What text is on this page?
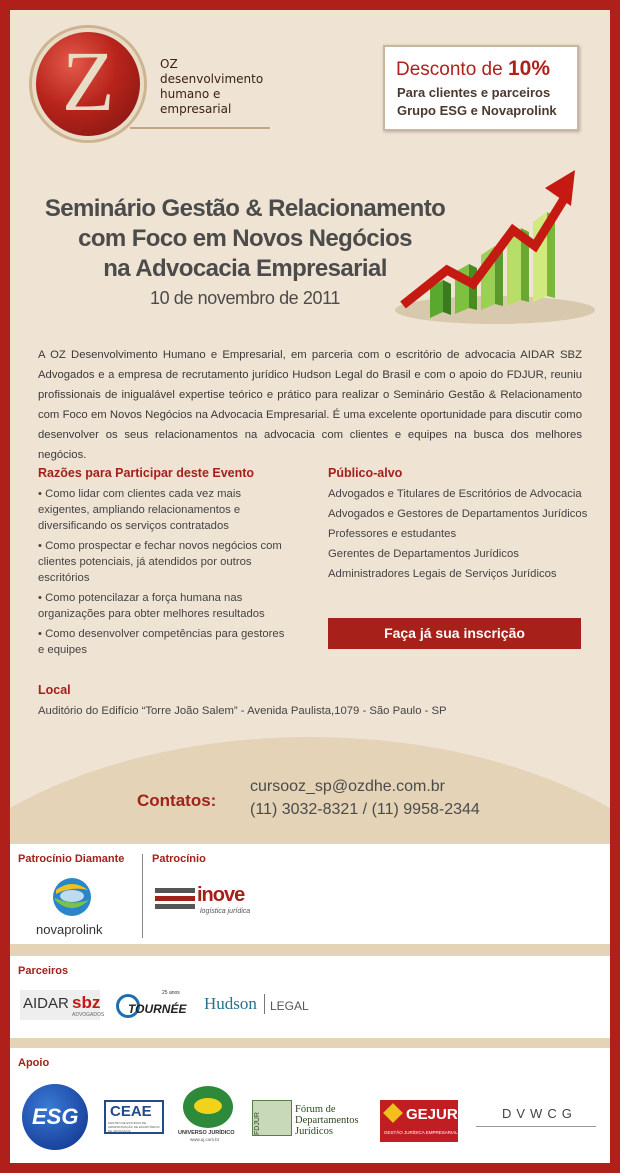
Z	OZ
desenvolvimento
humano e
empresarial
Desconto de 10%
Para clientes e parceiros
Grupo ESG e Novaprolink
Seminário Gestão & Relacionamento
com Foco em Novos Negócios
na Advocacia Empresarial
10 de novembro de 2011
A OZ Desenvolvimento Humano e Empresarial, em parceria com o escritório de advocacia AIDAR SBZ Advogados e a empresa de recrutamento jurídico Hudson Legal do Brasil e com o apoio do FDJUR, reuniu profissionais de inigualável expertise teórico e prático para realizar o Seminário Gestão & Relacionamento com Foco em Novos Negócios na Advocacia Empresarial. É uma excelente oportunidade para discutir como desenvolver os seus relacionamentos na advocacia com clientes e equipes na busca dos melhores negócios.
Razões para Participar deste Evento
• Como lidar com clientes cada vez mais exigentes, ampliando relacionamentos e diversificando os serviços contratados
• Como prospectar e fechar novos negócios com clientes potenciais, já atendidos por outros escritórios
• Como potencilazar a força humana nas organizações para obter melhores resultados
• Como desenvolver competências para gestores e equipes
Público-alvo
Advogados e Titulares de Escritórios de Advocacia
Advogados e Gestores de Departamentos Jurídicos
Professores e estudantes
Gerentes de Departamentos Jurídicos
Administradores Legais de Serviços Jurídicos
Faça já sua inscrição
Local
Auditório do Edifício “Torre João Salem” - Avenida Paulista,1079 - São Paulo - SP
Contatos:
cursooz_sp@ozdhe.com.br
(11) 3032-8321 / (11) 9958-2344
Patrocínio Diamante	Patrocínio
novaprolink
inove
logística jurídica
Parceiros
AIDAR sbz
ADVOGADOS
25 anos
TOURNÉE Hudson LEGAL
Apoio
ESG CEAE
CENTRO DE ESTUDOS DE ADMINISTRAÇÃO DE ESCRITÓRIOS DE ADVOCACIA	UNIVERSO JURÍDICO
www.uj.com.br
FDJUR
Fórum de
Departamentos
Jurídicos
GEJUR
GESTÃO JURÍDICA EMPRESARIAL
DVWCG
